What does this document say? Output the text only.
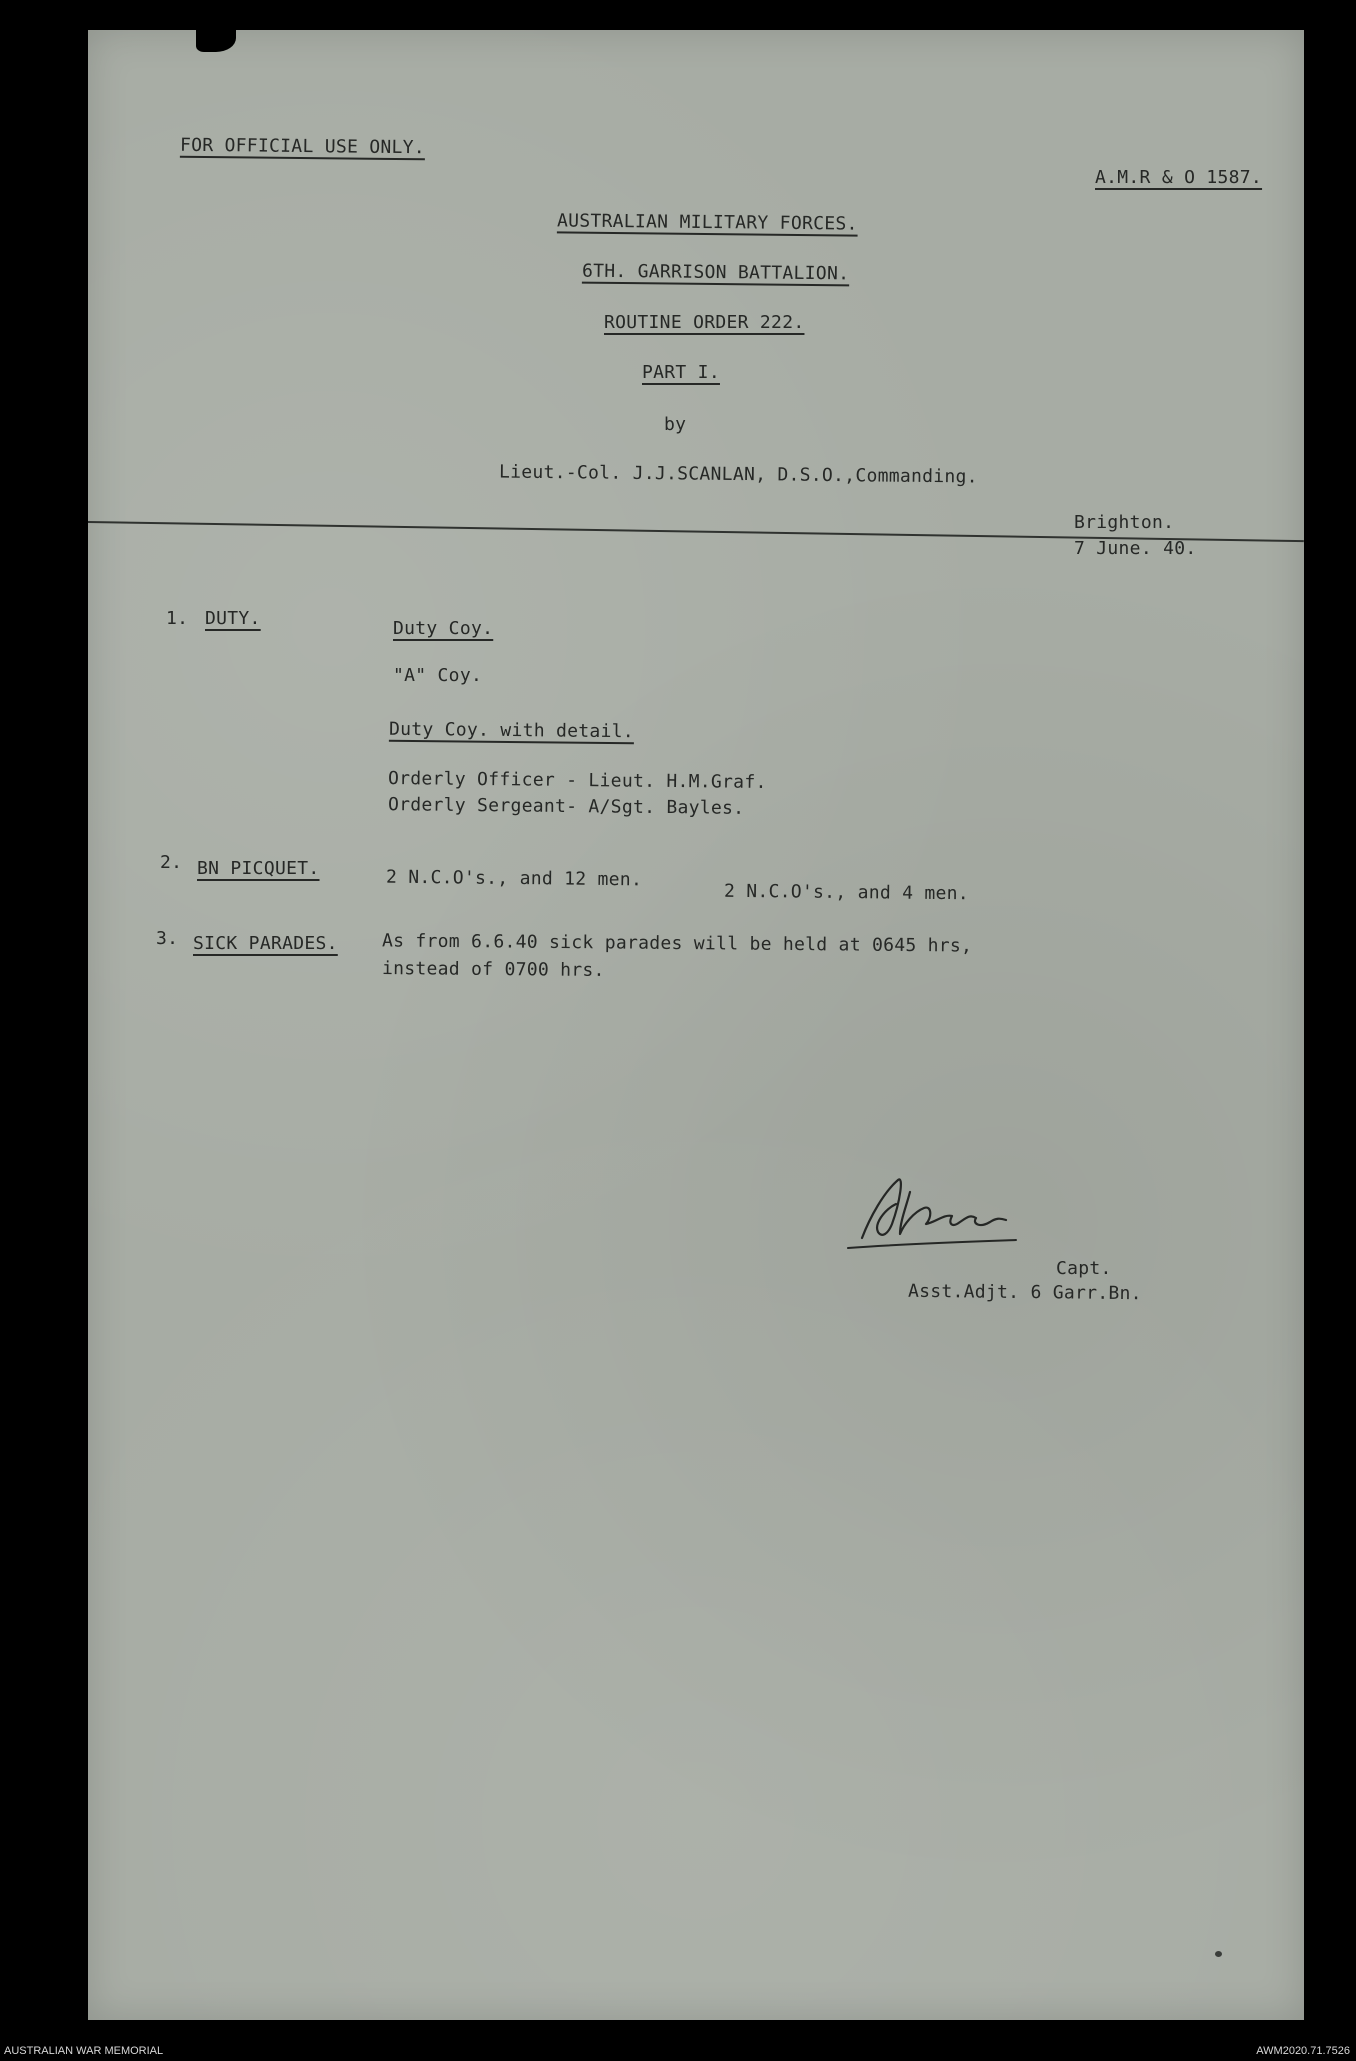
FOR OFFICIAL USE ONLY.
A.M.R & O 1587.
AUSTRALIAN MILITARY FORCES.
6TH. GARRISON BATTALION.
ROUTINE ORDER 222.
PART I.
by
Lieut.-Col. J.J.SCANLAN, D.S.O.,Commanding.
Brighton.
7 June. 40.
1. DUTY.	Duty Coy.
"A" Coy.
Duty Coy. with detail.
Orderly Officer - Lieut. H.M.Graf.
Orderly Sergeant- A/Sgt. Bayles.
2. BN PICQUET.	2 N.C.O's., and 12 men.
2 N.C.O's., and 4 men.
3. SICK PARADES. As from 6.6.40 sick parades will be held at 0645 hrs,
instead of 0700 hrs.
Capt.
Asst.Adjt. 6 Garr.Bn.
AUSTRALIAN WAR MEMORIAL	AWM2020.71.7526
